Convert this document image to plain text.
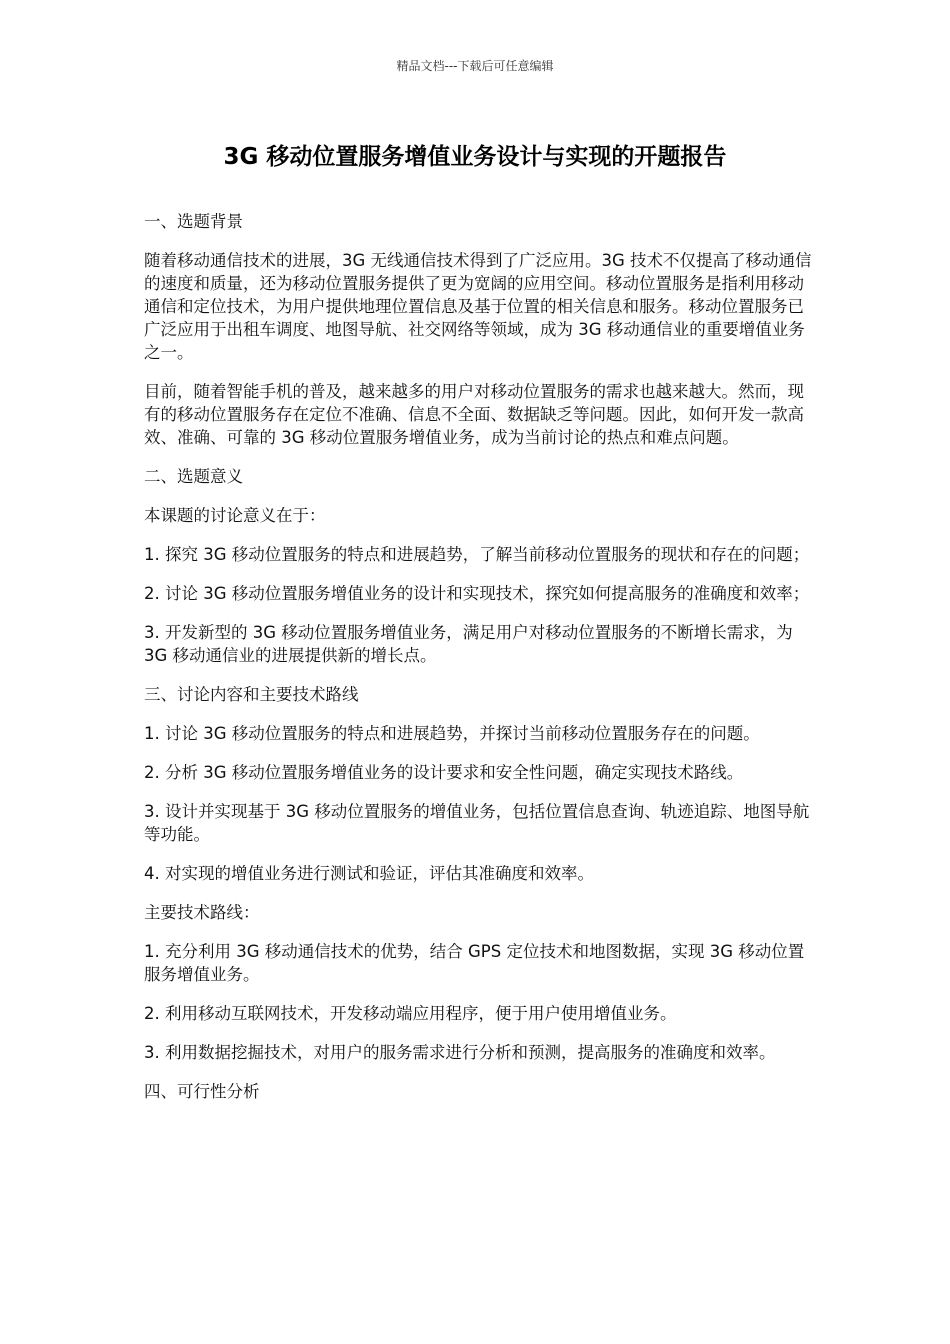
精品文档---下载后可任意编辑
3G 移动位置服务增值业务设计与实现的开题报告

一、选题背景

随着移动通信技术的进展，3G 无线通信技术得到了广泛应用。3G 技术不仅提高了移动通信的速度和质量，还为移动位置服务提供了更为宽阔的应用空间。移动位置服务是指利用移动通信和定位技术，为用户提供地理位置信息及基于位置的相关信息和服务。移动位置服务已广泛应用于出租车调度、地图导航、社交网络等领域，成为 3G 移动通信业的重要增值业务之一。

目前，随着智能手机的普及，越来越多的用户对移动位置服务的需求也越来越大。然而，现有的移动位置服务存在定位不准确、信息不全面、数据缺乏等问题。因此，如何开发一款高效、准确、可靠的 3G 移动位置服务增值业务，成为当前讨论的热点和难点问题。

二、选题意义

本课题的讨论意义在于：

1. 探究 3G 移动位置服务的特点和进展趋势，了解当前移动位置服务的现状和存在的问题；

2. 讨论 3G 移动位置服务增值业务的设计和实现技术，探究如何提高服务的准确度和效率；

3. 开发新型的 3G 移动位置服务增值业务，满足用户对移动位置服务的不断增长需求，为 3G 移动通信业的进展提供新的增长点。

三、讨论内容和主要技术路线

1. 讨论 3G 移动位置服务的特点和进展趋势，并探讨当前移动位置服务存在的问题。

2. 分析 3G 移动位置服务增值业务的设计要求和安全性问题，确定实现技术路线。

3. 设计并实现基于 3G 移动位置服务的增值业务，包括位置信息查询、轨迹追踪、地图导航等功能。

4. 对实现的增值业务进行测试和验证，评估其准确度和效率。

主要技术路线：

1. 充分利用 3G 移动通信技术的优势，结合 GPS 定位技术和地图数据，实现 3G 移动位置服务增值业务。

2. 利用移动互联网技术，开发移动端应用程序，便于用户使用增值业务。

3. 利用数据挖掘技术，对用户的服务需求进行分析和预测，提高服务的准确度和效率。

四、可行性分析
